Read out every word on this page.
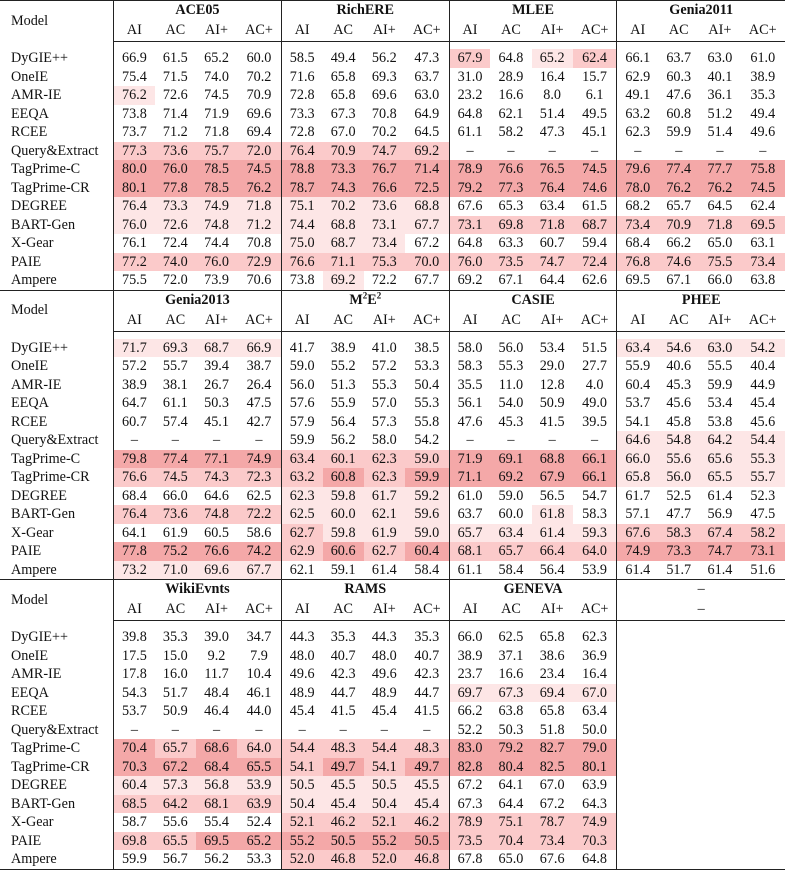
Model	ACE05				RichERE				MLEE				Genia2011			
	AI	AC	AI+	AC+	AI	AC	AI+	AC+	AI	AC	AI+	AC+	AI	AC	AI+	AC+

DyGIE++	66.9	61.5	65.2	60.0	58.5	49.4	56.2	47.3	67.9	64.8	65.2	62.4	66.1	63.7	63.0	61.0
OneIE	75.4	71.5	74.0	70.2	71.6	65.8	69.3	63.7	31.0	28.9	16.4	15.7	62.9	60.3	40.1	38.9
AMR-IE	76.2	72.6	74.5	70.9	72.8	65.8	69.6	63.0	23.2	16.6	8.0	6.1	49.1	47.6	36.1	35.3
EEQA	73.8	71.4	71.9	69.6	73.3	67.3	70.8	64.9	64.8	62.1	51.4	49.5	63.2	60.8	51.2	49.4
RCEE	73.7	71.2	71.8	69.4	72.8	67.0	70.2	64.5	61.1	58.2	47.3	45.1	62.3	59.9	51.4	49.6
Query&Extract	77.3	73.6	75.7	72.0	76.4	70.9	74.7	69.2	–	–	–	–	–	–	–	–
TagPrime-C	80.0	76.0	78.5	74.5	78.8	73.3	76.7	71.4	78.9	76.6	76.5	74.5	79.6	77.4	77.7	75.8
TagPrime-CR	80.1	77.8	78.5	76.2	78.7	74.3	76.6	72.5	79.2	77.3	76.4	74.6	78.0	76.2	76.2	74.5
DEGREE	76.4	73.3	74.9	71.8	75.1	70.2	73.6	68.8	67.6	65.3	63.4	61.5	68.2	65.7	64.5	62.4
BART-Gen	76.0	72.6	74.8	71.2	74.4	68.8	73.1	67.7	73.1	69.8	71.8	68.7	73.4	70.9	71.8	69.5
X-Gear	76.1	72.4	74.4	70.8	75.0	68.7	73.4	67.2	64.8	63.3	60.7	59.4	68.4	66.2	65.0	63.1
PAIE	77.2	74.0	76.0	72.9	76.6	71.1	75.3	70.0	76.0	73.5	74.7	72.4	76.8	74.6	75.5	73.4
Ampere	75.5	72.0	73.9	70.6	73.8	69.2	72.2	67.7	69.2	67.1	64.4	62.6	69.5	67.1	66.0	63.8
Model	Genia2013				$M^2E^2$				CASIE				PHEE			
	AI	AC	AI+	AC+	AI	AC	AI+	AC+	AI	AC	AI+	AC+	AI	AC	AI+	AC+

DyGIE++	71.7	69.3	68.7	66.9	41.7	38.9	41.0	38.5	58.0	56.0	53.4	51.5	63.4	54.6	63.0	54.2
OneIE	57.2	55.7	39.4	38.7	59.0	55.2	57.2	53.3	58.3	55.3	29.0	27.7	55.9	40.6	55.5	40.4
AMR-IE	38.9	38.1	26.7	26.4	56.0	51.3	55.3	50.4	35.5	11.0	12.8	4.0	60.4	45.3	59.9	44.9
EEQA	64.7	61.1	50.3	47.5	57.6	55.9	57.0	55.3	56.1	54.0	50.9	49.0	53.7	45.6	53.4	45.4
RCEE	60.7	57.4	45.1	42.7	57.9	56.4	57.3	55.8	47.6	45.3	41.5	39.5	54.1	45.8	53.8	45.6
Query&Extract	–	–	–	–	59.9	56.2	58.0	54.2	–	–	–	–	64.6	54.8	64.2	54.4
TagPrime-C	79.8	77.4	77.1	74.9	63.4	60.1	62.3	59.0	71.9	69.1	68.8	66.1	66.0	55.6	65.6	55.3
TagPrime-CR	76.6	74.5	74.3	72.3	63.2	60.8	62.3	59.9	71.1	69.2	67.9	66.1	65.8	56.0	65.5	55.7
DEGREE	68.4	66.0	64.6	62.5	62.3	59.8	61.7	59.2	61.0	59.0	56.5	54.7	61.7	52.5	61.4	52.3
BART-Gen	76.4	73.6	74.8	72.2	62.5	60.0	62.1	59.6	63.7	60.0	61.8	58.3	57.1	47.7	56.9	47.5
X-Gear	64.1	61.9	60.5	58.6	62.7	59.8	61.9	59.0	65.7	63.4	61.4	59.3	67.6	58.3	67.4	58.2
PAIE	77.8	75.2	76.6	74.2	62.9	60.6	62.7	60.4	68.1	65.7	66.4	64.0	74.9	73.3	74.7	73.1
Ampere	73.2	71.0	69.6	67.7	62.1	59.1	61.4	58.4	61.1	58.4	56.4	53.9	61.4	51.7	61.4	51.6
Model	WikiEvnts				RAMS				GENEVA				–			
	AI	AC	AI+	AC+	AI	AC	AI+	AC+	AI	AC	AI+	AC+	–			

DyGIE++	39.8	35.3	39.0	34.7	44.3	35.3	44.3	35.3	66.0	62.5	65.8	62.3				
OneIE	17.5	15.0	9.2	7.9	48.0	40.7	48.0	40.7	38.9	37.1	38.6	36.9				
AMR-IE	17.8	16.0	11.7	10.4	49.6	42.3	49.6	42.3	23.7	16.6	23.4	16.4				
EEQA	54.3	51.7	48.4	46.1	48.9	44.7	48.9	44.7	69.7	67.3	69.4	67.0				
RCEE	53.7	50.9	46.4	44.0	45.4	41.5	45.4	41.5	66.2	63.8	65.8	63.4				
Query&Extract	–	–	–	–	–	–	–	–	52.2	50.3	51.8	50.0				
TagPrime-C	70.4	65.7	68.6	64.0	54.4	48.3	54.4	48.3	83.0	79.2	82.7	79.0				
TagPrime-CR	70.3	67.2	68.4	65.5	54.1	49.7	54.1	49.7	82.8	80.4	82.5	80.1				
DEGREE	60.4	57.3	56.8	53.9	50.5	45.5	50.5	45.5	67.2	64.1	67.0	63.9				
BART-Gen	68.5	64.2	68.1	63.9	50.4	45.4	50.4	45.4	67.3	64.4	67.2	64.3				
X-Gear	58.7	55.6	55.4	52.4	52.1	46.2	52.1	46.2	78.9	75.1	78.7	74.9				
PAIE	69.8	65.5	69.5	65.2	55.2	50.5	55.2	50.5	73.5	70.4	73.4	70.3				
Ampere	59.9	56.7	56.2	53.3	52.0	46.8	52.0	46.8	67.8	65.0	67.6	64.8				
